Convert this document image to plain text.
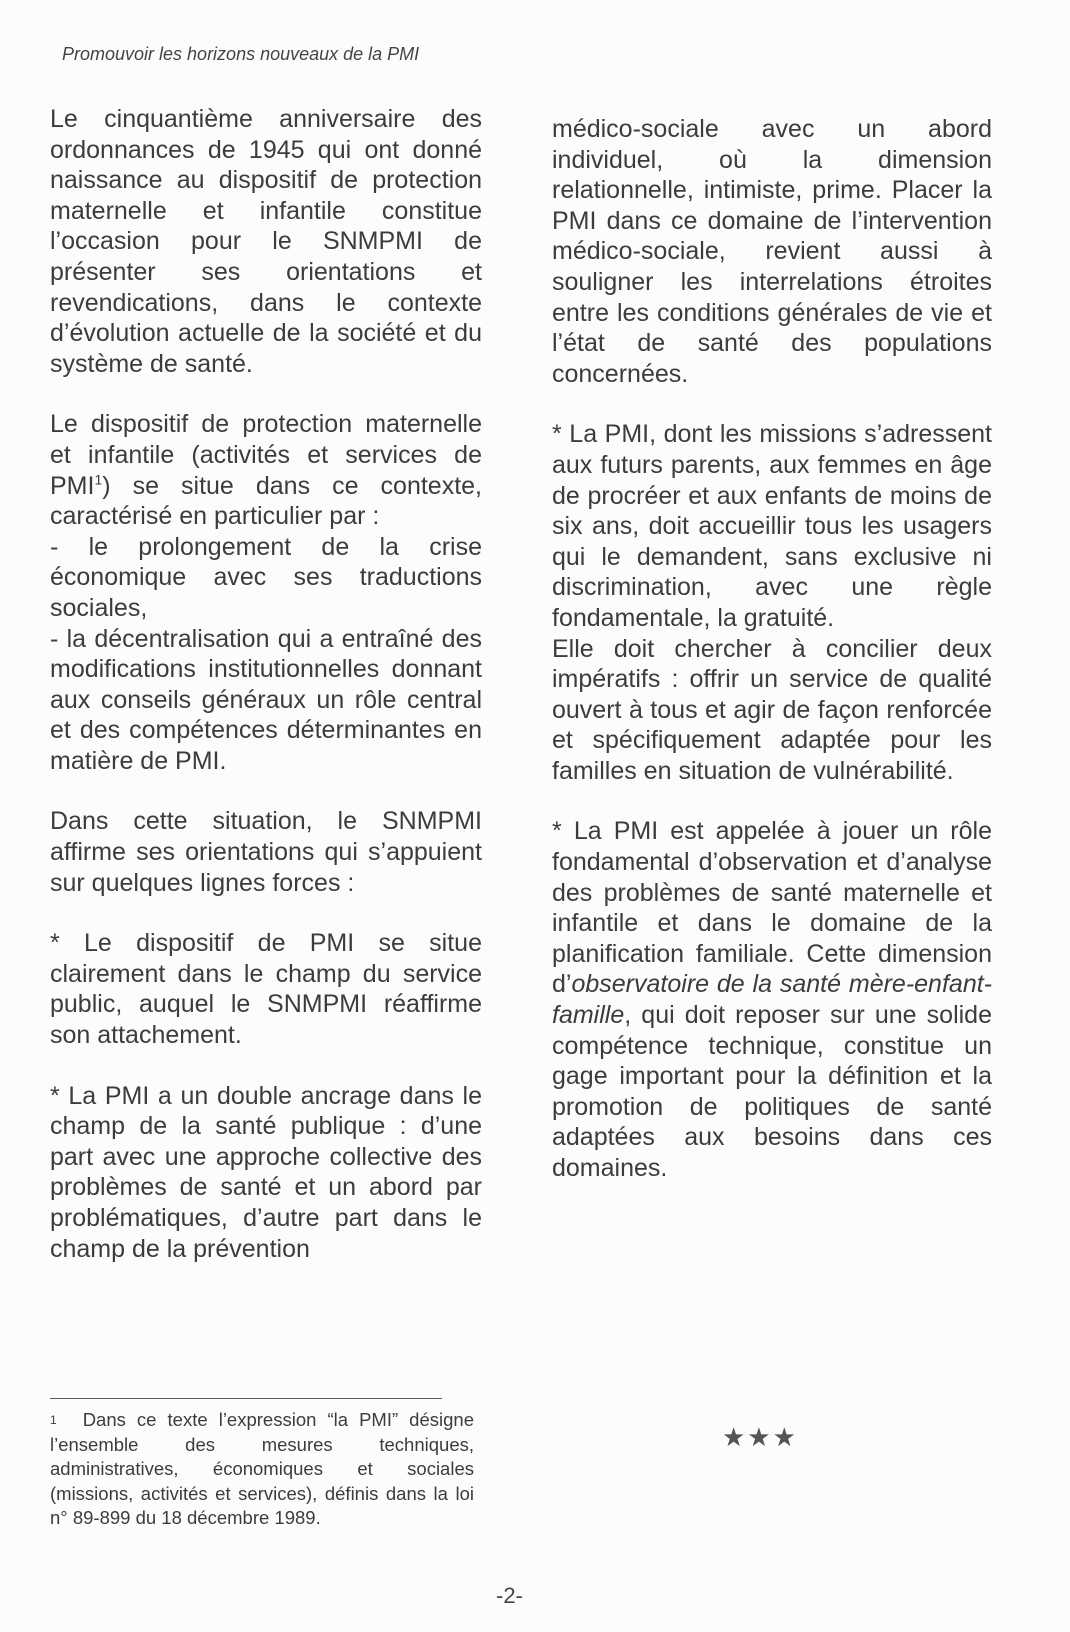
Promouvoir les horizons nouveaux de la PMI

Le cinquantième anniversaire des ordonnances de 1945 qui ont donné naissance au dispositif de protection maternelle et infantile constitue l’occasion pour le SNMPMI de présenter ses orientations et revendications, dans le contexte d’évolution actuelle de la société et du système de santé.

Le dispositif de protection maternelle et infantile (activités et services de PMI$^1$) se situe dans ce contexte, caractérisé en particulier par :
- le prolongement de la crise économique avec ses traductions sociales,
- la décentralisation qui a entraîné des modifications institutionnelles donnant aux conseils généraux un rôle central et des compétences déterminantes en matière de PMI.

Dans cette situation, le SNMPMI affirme ses orientations qui s’appuient sur quelques lignes forces :

* Le dispositif de PMI se situe clairement dans le champ du service public, auquel le SNMPMI réaffirme son attachement.

* La PMI a un double ancrage dans le champ de la santé publique : d’une part avec une approche collective des problèmes de santé et un abord par problématiques, d’autre part dans le champ de la prévention

médico-sociale avec un abord individuel, où la dimension relationnelle, intimiste, prime. Placer la PMI dans ce domaine de l’intervention médico-sociale, revient aussi à souligner les interrelations étroites entre les conditions générales de vie et l’état de santé des populations concernées.

* La PMI, dont les missions s’adressent aux futurs parents, aux femmes en âge de procréer et aux enfants de moins de six ans, doit accueillir tous les usagers qui le demandent, sans exclusive ni discrimination, avec une règle fondamentale, la gratuité.
Elle doit chercher à concilier deux impératifs : offrir un service de qualité ouvert à tous et agir de façon renforcée et spécifiquement adaptée pour les familles en situation de vulnérabilité.

* La PMI est appelée à jouer un rôle fondamental d’observation et d’analyse des problèmes de santé maternelle et infantile et dans le domaine de la planification familiale. Cette dimension d’observatoire de la santé mère-enfant-famille, qui doit reposer sur une solide compétence technique, constitue un gage important pour la définition et la promotion de politiques de santé adaptées aux besoins dans ces domaines.

$^1$ Dans ce texte l’expression “la PMI” désigne l’ensemble des mesures techniques, administratives, économiques et sociales (missions, activités et services), définis dans la loi n° 89-899 du 18 décembre 1989.

★★★

-2-
